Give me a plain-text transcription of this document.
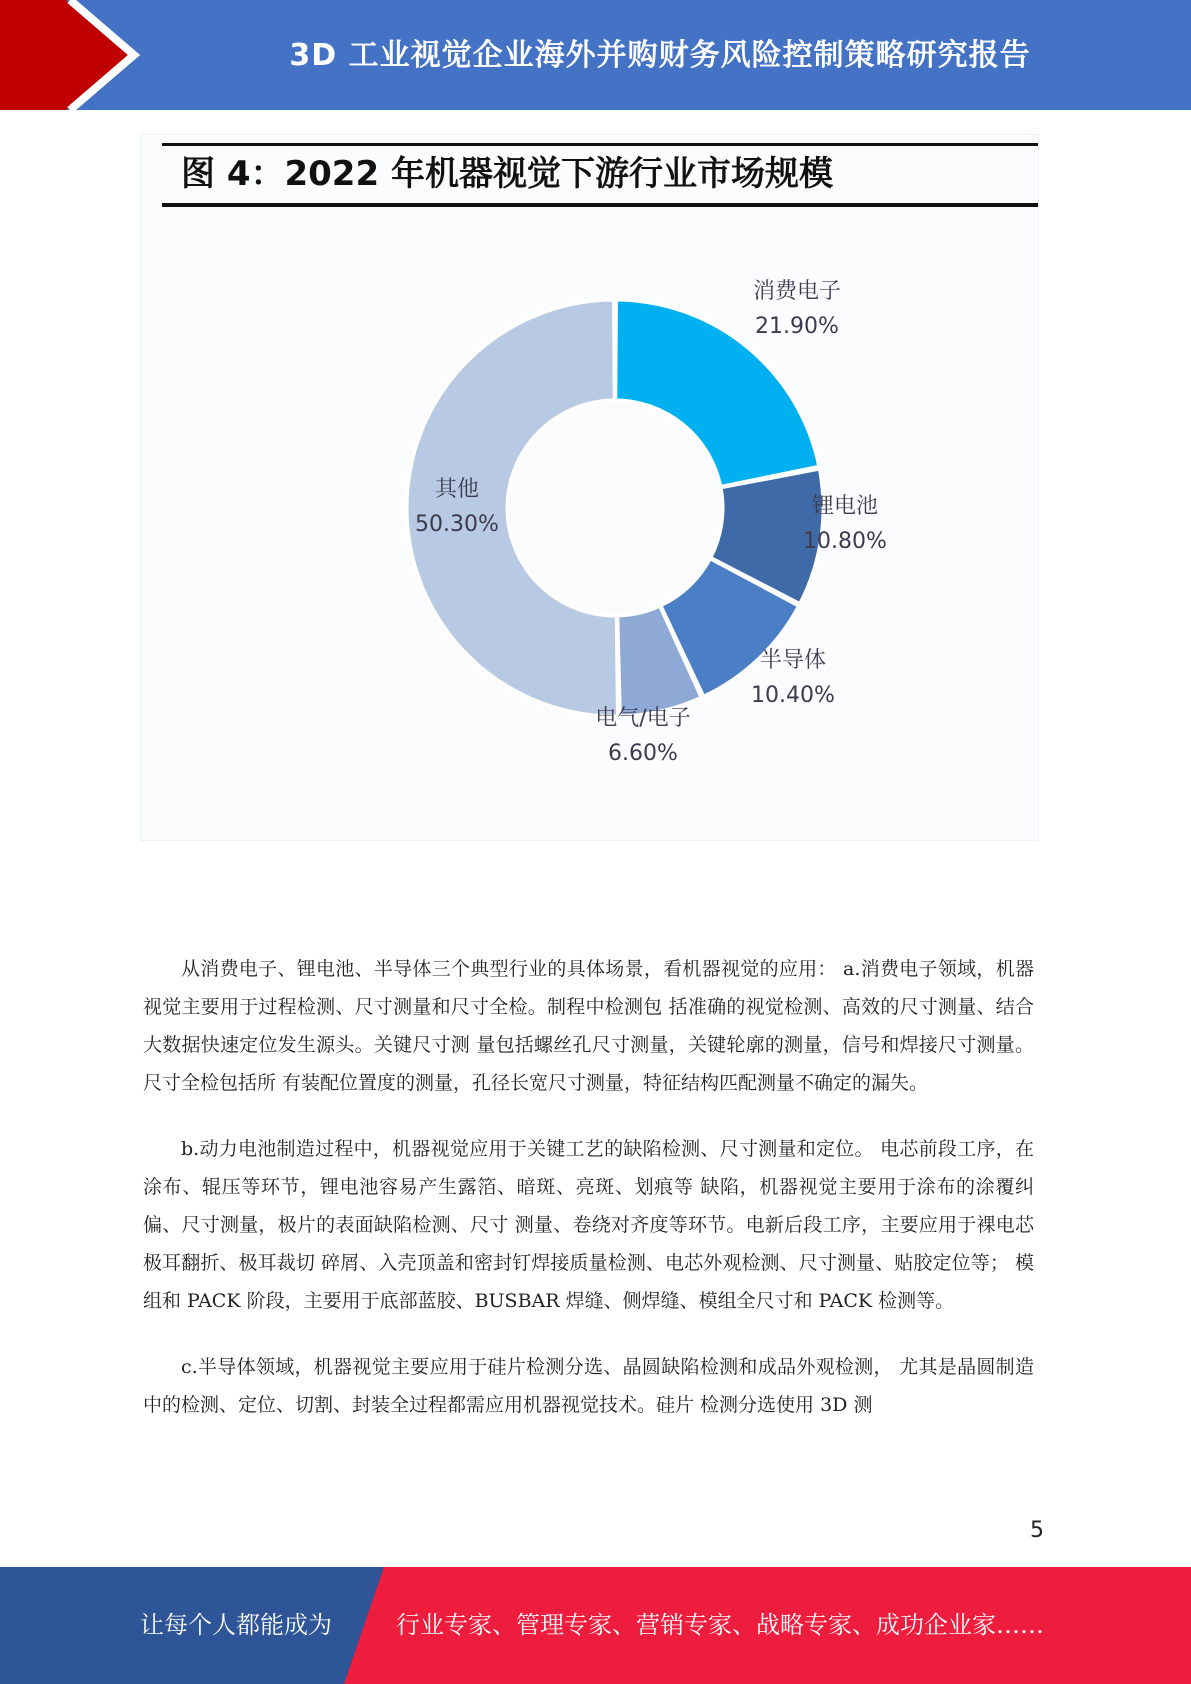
3D 工业视觉企业海外并购财务风险控制策略研究报告
图 4：2022 年机器视觉下游行业市场规模
消费电子
21.90%
锂电池
10.80%
半导体
10.40%
电气/电子
6.60%
其他
50.30%

从消费电子、锂电池、半导体三个典型行业的具体场景，看机器视觉的应用： a.消费电子领域，机器视觉主要用于过程检测、尺寸测量和尺寸全检。制程中检测包 括准确的视觉检测、高效的尺寸测量、结合大数据快速定位发生源头。关键尺寸测 量包括螺丝孔尺寸测量，关键轮廓的测量，信号和焊接尺寸测量。尺寸全检包括所 有装配位置度的测量，孔径长宽尺寸测量，特征结构匹配测量不确定的漏失。

b.动力电池制造过程中，机器视觉应用于关键工艺的缺陷检测、尺寸测量和定位。 电芯前段工序，在涂布、辊压等环节，锂电池容易产生露箔、暗斑、亮斑、划痕等 缺陷，机器视觉主要用于涂布的涂覆纠偏、尺寸测量，极片的表面缺陷检测、尺寸 测量、卷绕对齐度等环节。电新后段工序，主要应用于裸电芯极耳翻折、极耳裁切 碎屑、入壳顶盖和密封钉焊接质量检测、电芯外观检测、尺寸测量、贴胶定位等； 模组和 PACK 阶段，主要用于底部蓝胶、BUSBAR 焊缝、侧焊缝、模组全尺寸和 PACK 检测等。

c.半导体领域，机器视觉主要应用于硅片检测分选、晶圆缺陷检测和成品外观检测， 尤其是晶圆制造中的检测、定位、切割、封装全过程都需应用机器视觉技术。硅片 检测分选使用 3D 测

5
让每个人都能成为	行业专家、管理专家、营销专家、战略专家、成功企业家……
